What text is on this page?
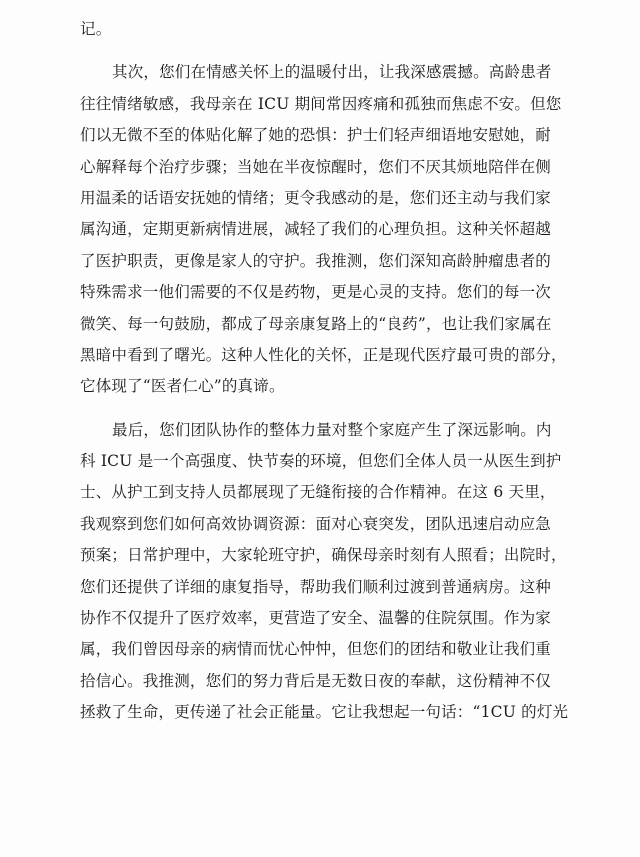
记。
其次，您们在情感关怀上的温暖付出，让我深感震撼。高龄患者
往往情绪敏感，我母亲在 ICU 期间常因疼痛和孤独而焦虑不安。但您
们以无微不至的体贴化解了她的恐惧：护士们轻声细语地安慰她，耐
心解释每个治疗步骤；当她在半夜惊醒时，您们不厌其烦地陪伴在侧
用温柔的话语安抚她的情绪；更令我感动的是，您们还主动与我们家
属沟通，定期更新病情进展，减轻了我们的心理负担。这种关怀超越
了医护职责，更像是家人的守护。我推测，您们深知高龄肿瘤患者的
特殊需求一他们需要的不仅是药物，更是心灵的支持。您们的每一次
微笑、每一句鼓励，都成了母亲康复路上的“良药”，也让我们家属在
黑暗中看到了曙光。这种人性化的关怀，正是现代医疗最可贵的部分，
它体现了“医者仁心”的真谛。
最后，您们团队协作的整体力量对整个家庭产生了深远影响。内
科 ICU 是一个高强度、快节奏的环境，但您们全体人员一从医生到护
士、从护工到支持人员都展现了无缝衔接的合作精神。在这 6 天里，
我观察到您们如何高效协调资源：面对心衰突发，团队迅速启动应急
预案；日常护理中，大家轮班守护，确保母亲时刻有人照看；出院时，
您们还提供了详细的康复指导，帮助我们顺利过渡到普通病房。这种
协作不仅提升了医疗效率，更营造了安全、温馨的住院氛围。作为家
属，我们曾因母亲的病情而忧心忡忡，但您们的团结和敬业让我们重
拾信心。我推测，您们的努力背后是无数日夜的奉献，这份精神不仅
拯救了生命，更传递了社会正能量。它让我想起一句话：“1CU 的灯光
